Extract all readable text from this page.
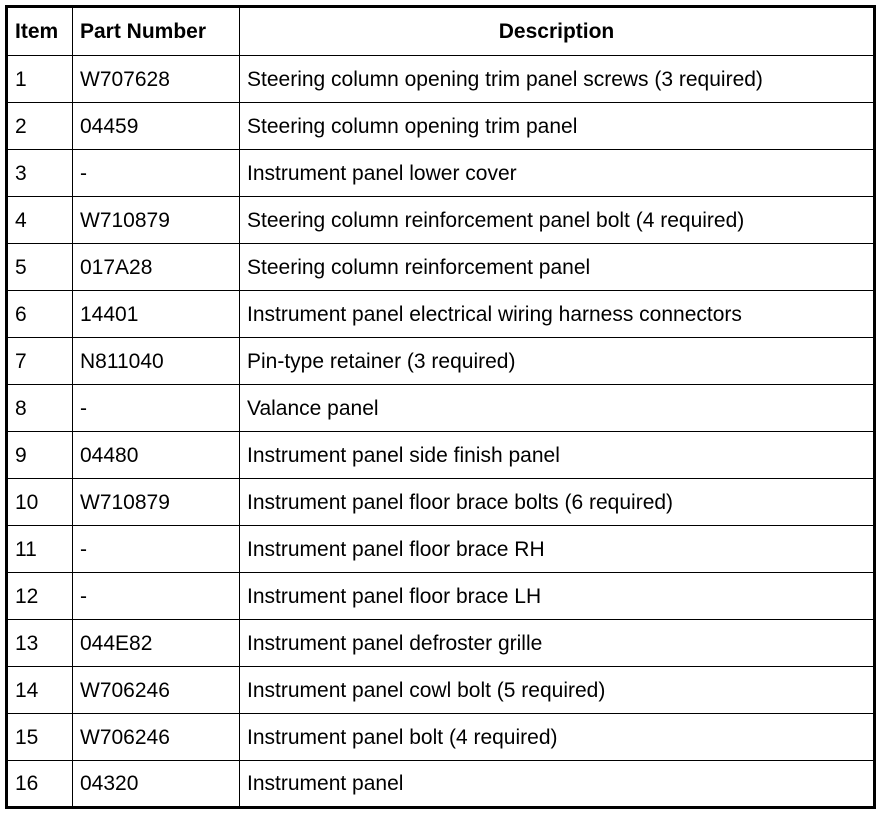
Item	Part Number	Description
1	W707628	Steering column opening trim panel screws (3 required)
2	04459	Steering column opening trim panel
3	-	Instrument panel lower cover
4	W710879	Steering column reinforcement panel bolt (4 required)
5	017A28	Steering column reinforcement panel
6	14401	Instrument panel electrical wiring harness connectors
7	N811040	Pin-type retainer (3 required)
8	-	Valance panel
9	04480	Instrument panel side finish panel
10	W710879	Instrument panel floor brace bolts (6 required)
11	-	Instrument panel floor brace RH
12	-	Instrument panel floor brace LH
13	044E82	Instrument panel defroster grille
14	W706246	Instrument panel cowl bolt (5 required)
15	W706246	Instrument panel bolt (4 required)
16	04320	Instrument panel
